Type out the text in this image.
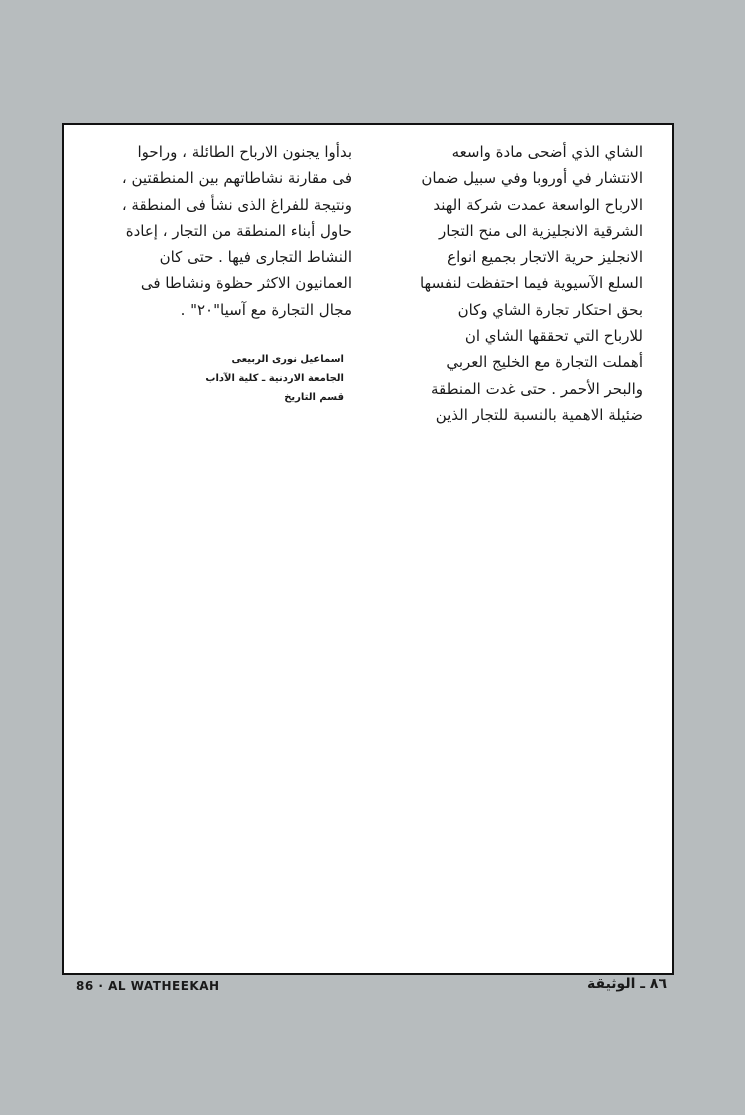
الشاي الذي أضحى مادة واسعه
الانتشار في أوروبا وفي سبيل ضمان
الارباح الواسعة عمدت شركة الهند
الشرقية الانجليزية الى منح التجار
الانجليز حرية الاتجار بجميع انواع
السلع الآسيوية فيما احتفظت لنفسها
بحق احتكار تجارة الشاي وكان
للارباح التي تحققها الشاي ان
أهملت التجارة مع الخليج العربي
والبحر الأحمر . حتى غدت المنطقة
ضئيلة الاهمية بالنسبة للتجار الذين
بدأوا يجنون الارباح الطائلة ، وراحوا
فى مقارنة نشاطاتهم بين المنطقتين ،
ونتيجة للفراغ الذى نشأ فى المنطقة ،
حاول أبناء المنطقة من التجار ، إعادة
النشاط التجارى فيها . حتى كان
العمانيون الاكثر حظوة ونشاطا فى
مجال التجارة مع آسيا"٢٠" .
اسماعيل نورى الربيعى
الجامعة الاردنية ـ كلية الآداب
قسم التاريخ
86 · AL WATHEEKAH	٨٦ ـ الوثيقة
